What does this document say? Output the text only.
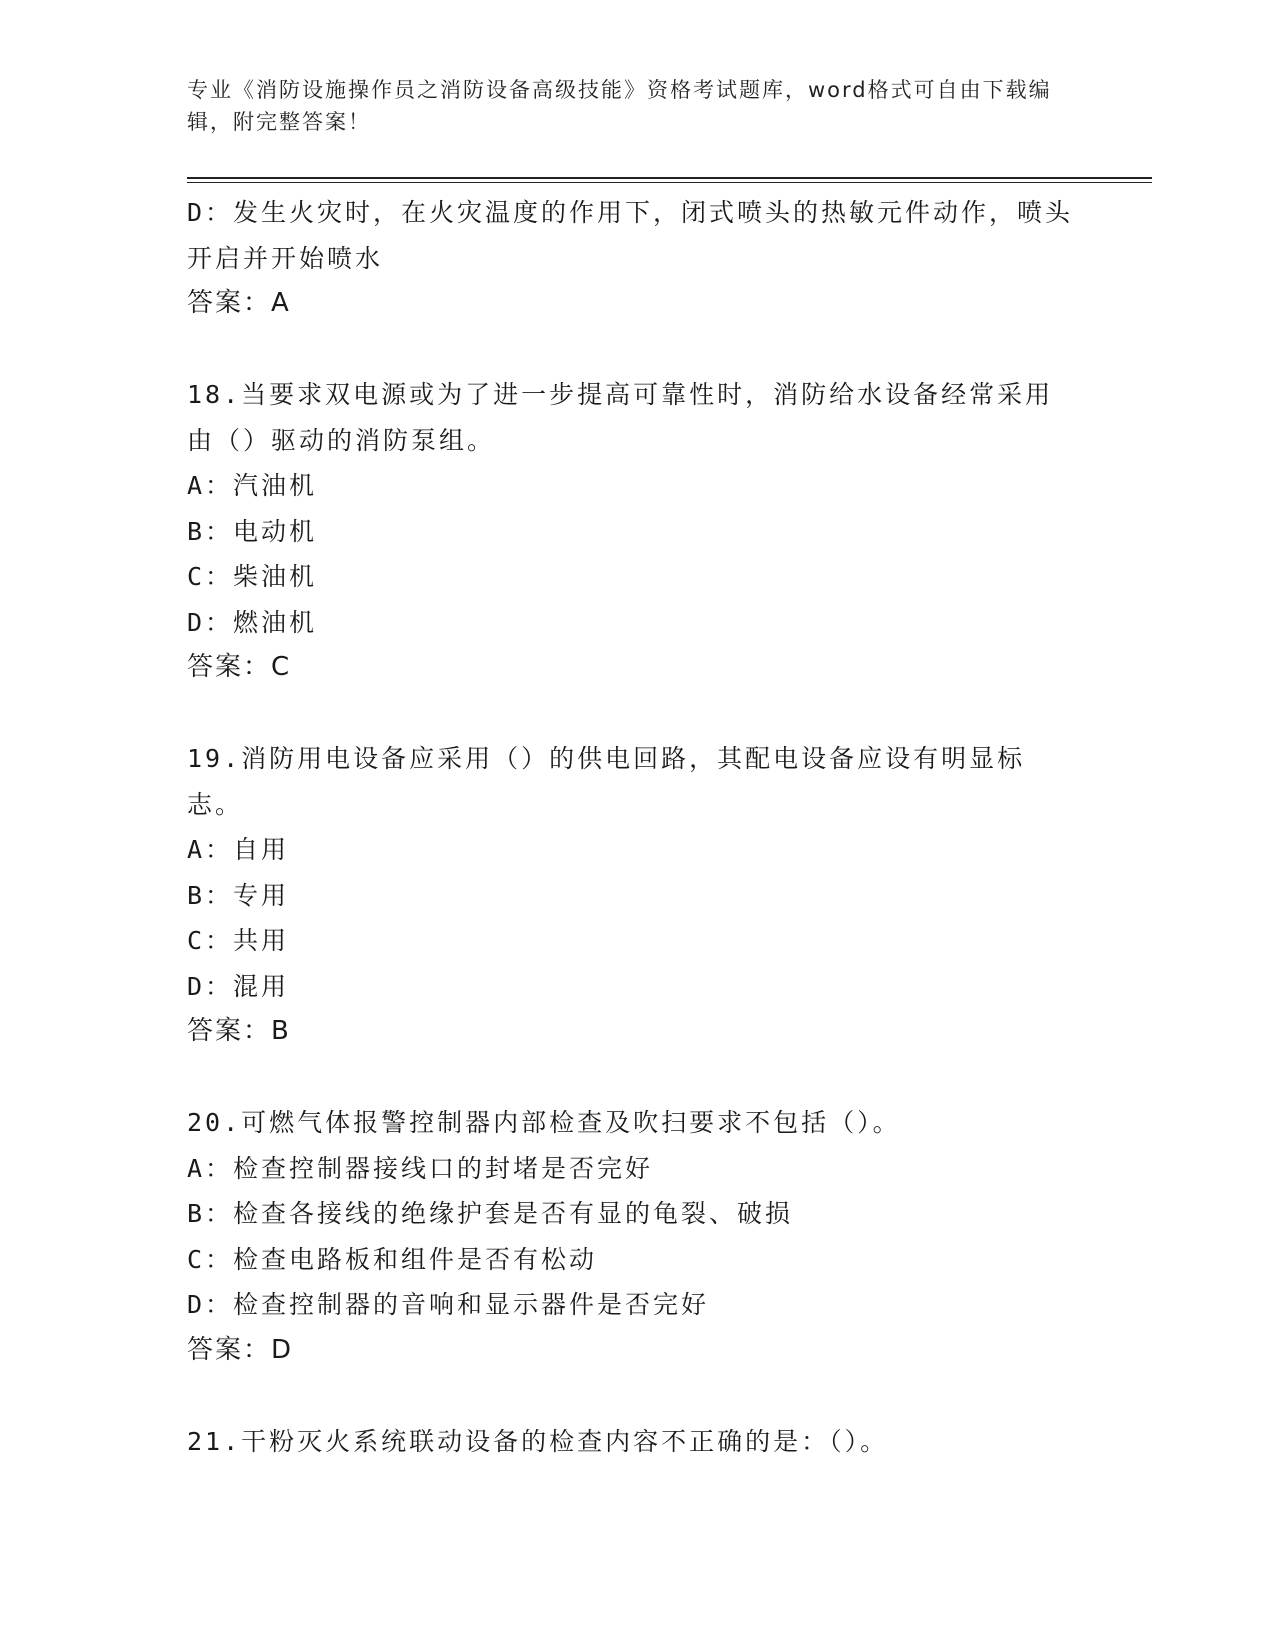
专业《消防设施操作员之消防设备高级技能》资格考试题库，word格式可自由下载编辑，附完整答案！

D：发生火灾时，在火灾温度的作用下，闭式喷头的热敏元件动作，喷头开启并开始喷水

答案：A

18.当要求双电源或为了进一步提高可靠性时，消防给水设备经常采用由（）驱动的消防泵组。

A：汽油机

B：电动机

C：柴油机

D：燃油机

答案：C

19.消防用电设备应采用（）的供电回路，其配电设备应设有明显标志。

A：自用

B：专用

C：共用

D：混用

答案：B

20.可燃气体报警控制器内部检查及吹扫要求不包括（）。

A：检查控制器接线口的封堵是否完好

B：检查各接线的绝缘护套是否有显的龟裂、破损

C：检查电路板和组件是否有松动

D：检查控制器的音响和显示器件是否完好

答案：D

21.干粉灭火系统联动设备的检查内容不正确的是：（）。
